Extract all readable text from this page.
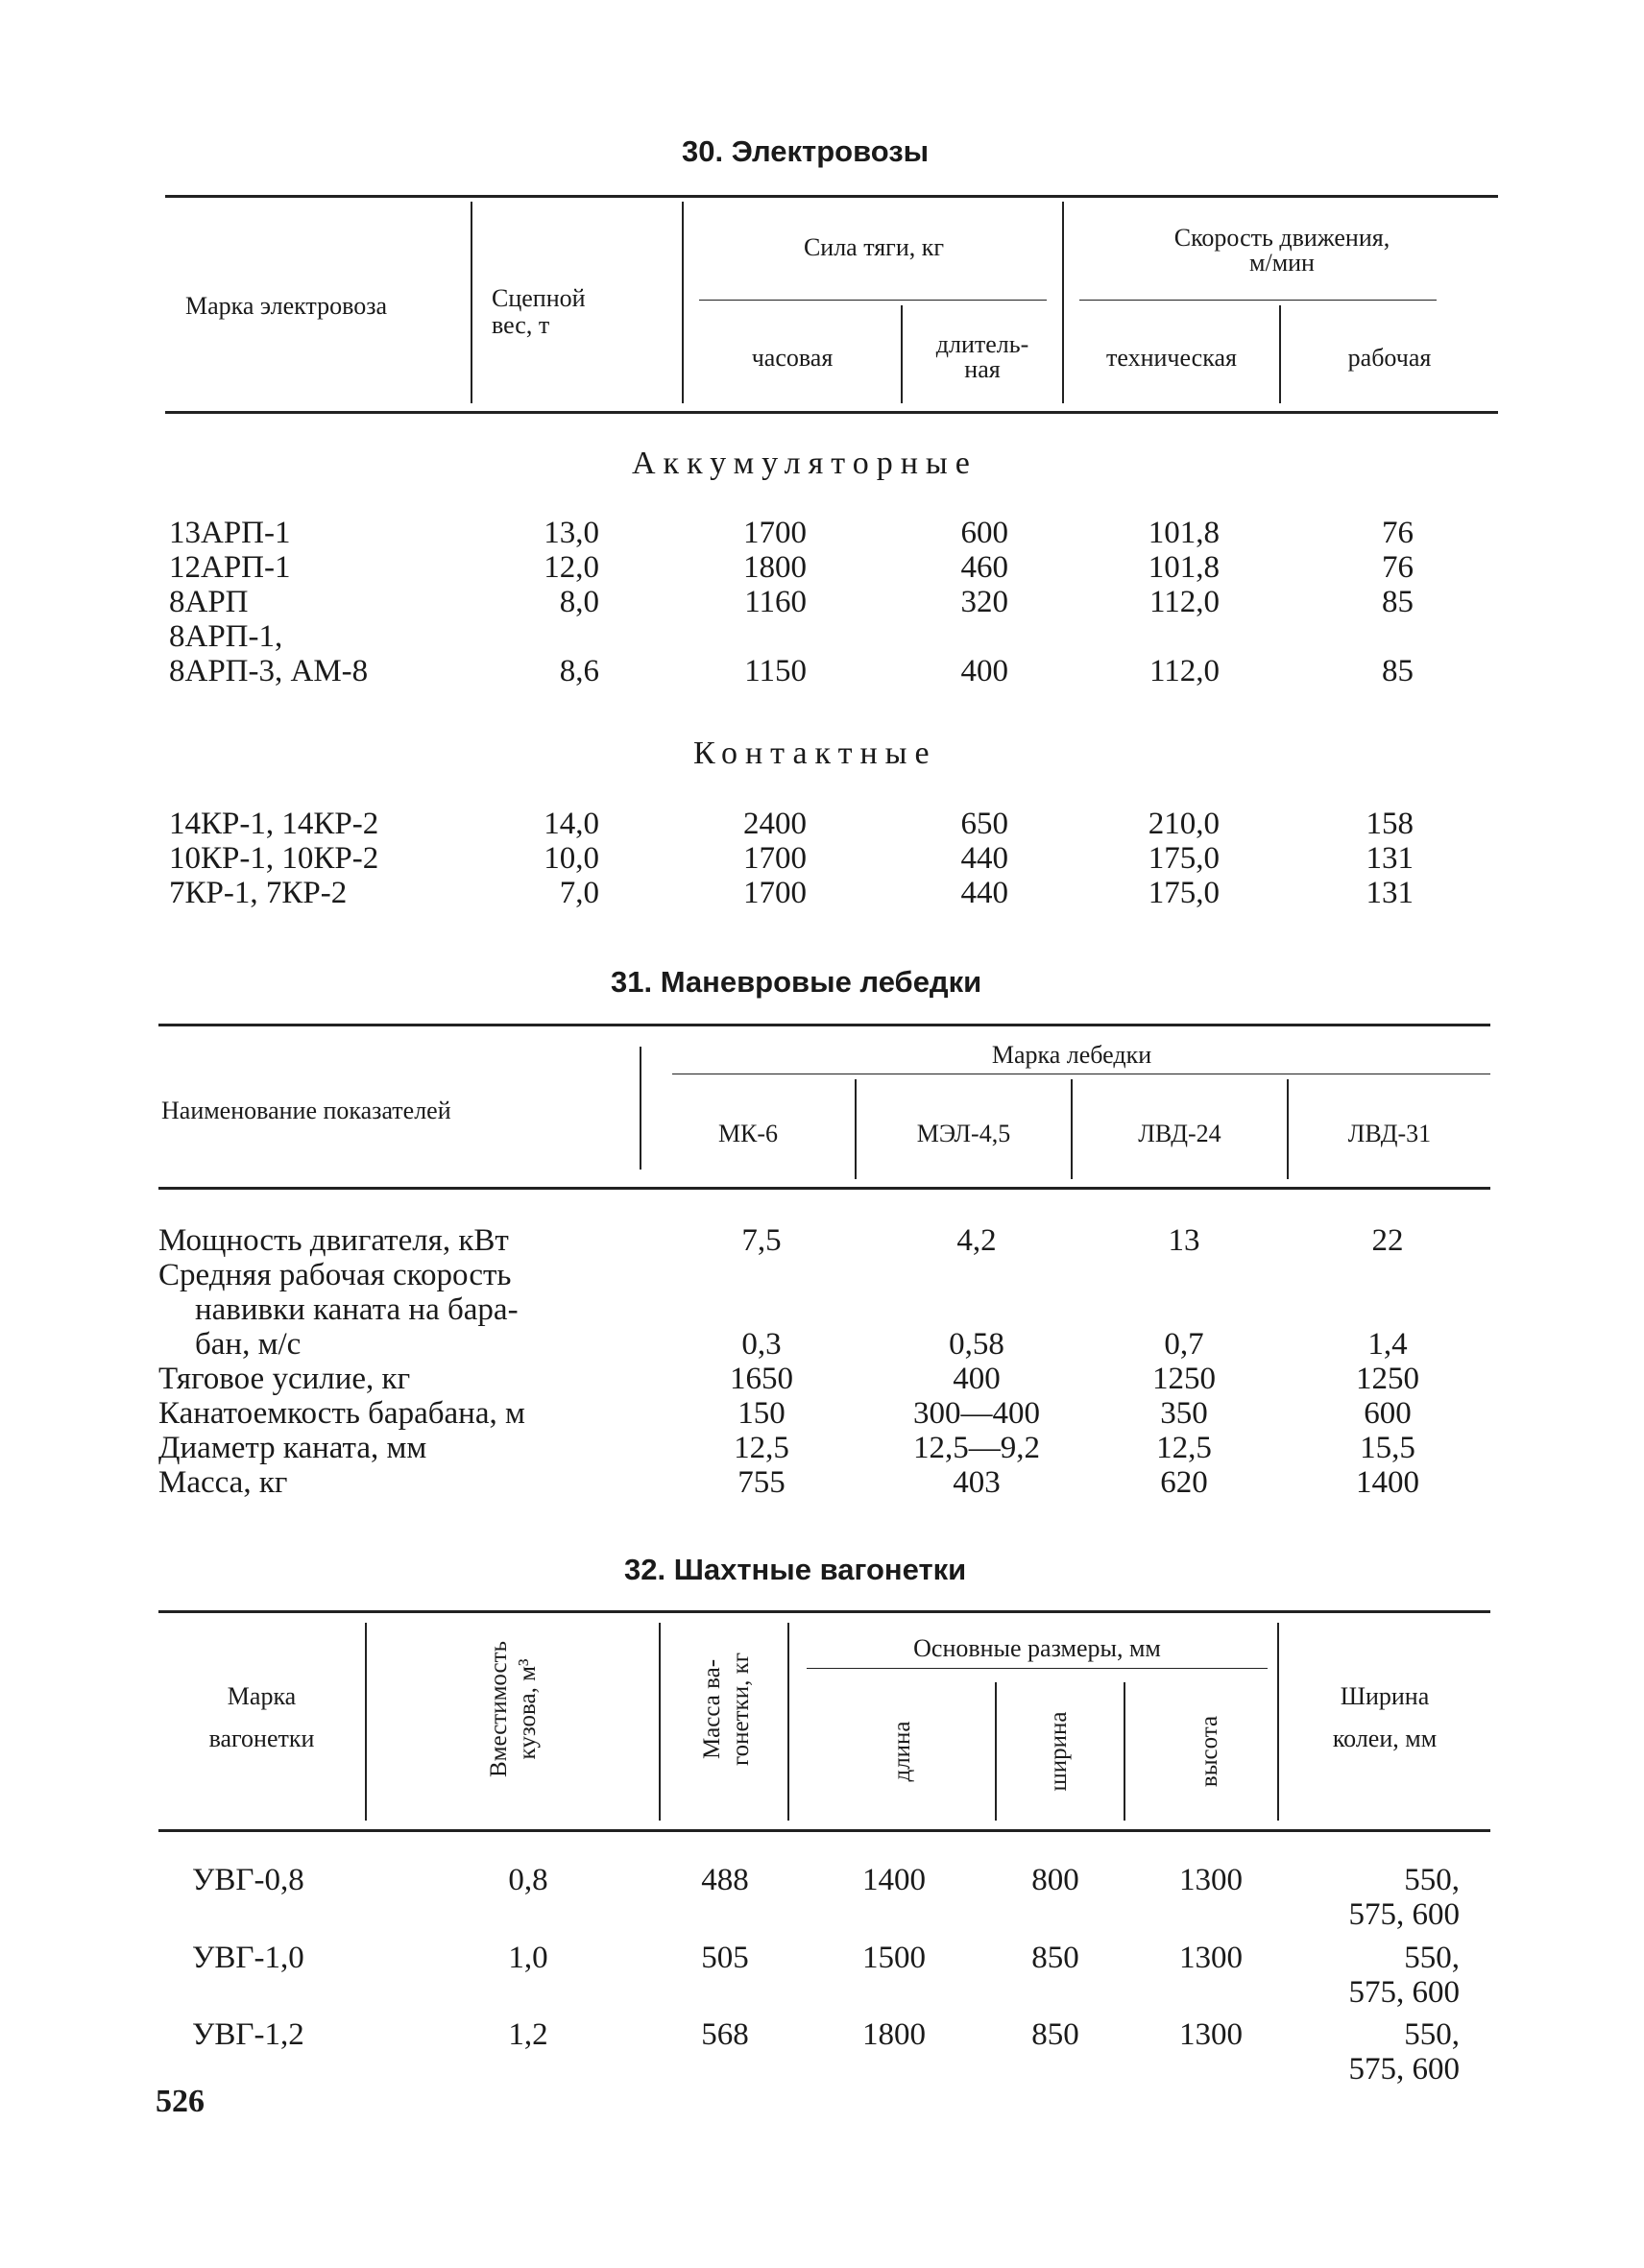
30. Электровозы
Марка электровоза	Сцепной
вес, т
Сила тяги, кг
часовая	длитель-
ная
Скорость движения,
м/мин
техническая	рабочая
Аккумуляторные
13АРП-1	13,0	1700	600	101,8	76
12АРП-1	12,0	1800	460	101,8	76
8АРП	8,0	1160	320	112,0	85
8АРП-1,
8АРП-3, АМ-8	8,6	1150	400	112,0	85
Контактные
14КР-1, 14КР-2	14,0	2400	650	210,0	158
10КР-1, 10КР-2	10,0	1700	440	175,0	131
7КР-1, 7КР-2	7,0	1700	440	175,0	131
31. Маневровые лебедки
Наименование показателей
Марка лебедки
МК-6	МЭЛ-4,5	ЛВД-24	ЛВД-31
Мощность двигателя, кВт	7,5	4,2	13	22
Средняя рабочая скорость
навивки каната на бара-
бан, м/с	0,3	0,58	0,7	1,4
Тяговое усилие, кг	1650	400	1250	1250
Канатоемкость барабана, м	150	300—400	350	600
Диаметр каната, мм	12,5	12,5—9,2	12,5	15,5
Масса, кг	755	403	620	1400
32. Шахтные вагонетки
Марка
вагонетки	Вместимость кузова, м³	Масса ва- гонетки, кг
Основные размеры, мм
длина	ширина	высота
Ширина
колеи, мм
УВГ-0,8	0,8	488	1400	800	1300	550,
575, 600
УВГ-1,0	1,0	505	1500	850	1300	550,
575, 600
УВГ-1,2	1,2	568	1800	850	1300	550,
575, 600
526
